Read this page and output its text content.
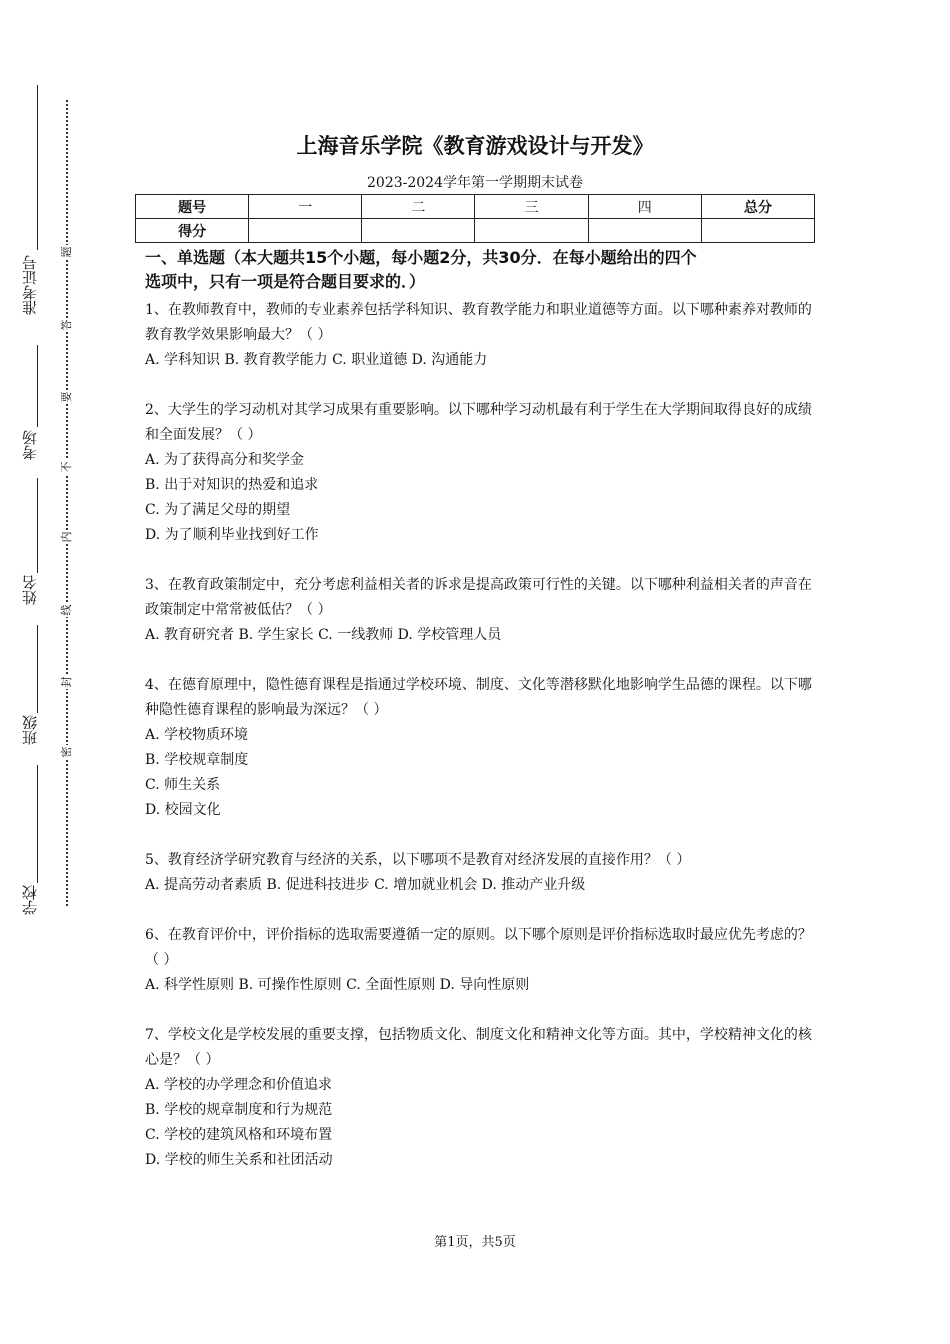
准考证号
考场
姓名
班级
学校
题
答
要
不
内
线
封
密
上海音乐学院《教育游戏设计与开发》
2023-2024学年第一学期期末试卷
题号	一	二	三	四	总分
得分					
一、单选题（本大题共15个小题，每小题2分，共30分．在每小题给出的四个
选项中，只有一项是符合题目要求的．）

1、在教师教育中，教师的专业素养包括学科知识、教育教学能力和职业道德等方面。以下哪种素养对教师的教育教学效果影响最大？（ ）

A. 学科知识 B. 教育教学能力 C. 职业道德 D. 沟通能力

2、大学生的学习动机对其学习成果有重要影响。以下哪种学习动机最有利于学生在大学期间取得良好的成绩和全面发展？（ ）

A. 为了获得高分和奖学金

B. 出于对知识的热爱和追求

C. 为了满足父母的期望

D. 为了顺利毕业找到好工作

3、在教育政策制定中，充分考虑利益相关者的诉求是提高政策可行性的关键。以下哪种利益相关者的声音在政策制定中常常被低估？（ ）

A. 教育研究者 B. 学生家长 C. 一线教师 D. 学校管理人员

4、在德育原理中，隐性德育课程是指通过学校环境、制度、文化等潜移默化地影响学生品德的课程。以下哪种隐性德育课程的影响最为深远？（ ）

A. 学校物质环境

B. 学校规章制度

C. 师生关系

D. 校园文化

5、教育经济学研究教育与经济的关系，以下哪项不是教育对经济发展的直接作用？（ ）

A. 提高劳动者素质 B. 促进科技进步 C. 增加就业机会 D. 推动产业升级

6、在教育评价中，评价指标的选取需要遵循一定的原则。以下哪个原则是评价指标选取时最应优先考虑的？（ ）

A. 科学性原则 B. 可操作性原则 C. 全面性原则 D. 导向性原则

7、学校文化是学校发展的重要支撑，包括物质文化、制度文化和精神文化等方面。其中，学校精神文化的核心是？（ ）

A. 学校的办学理念和价值追求

B. 学校的规章制度和行为规范

C. 学校的建筑风格和环境布置

D. 学校的师生关系和社团活动

第1页，共5页
